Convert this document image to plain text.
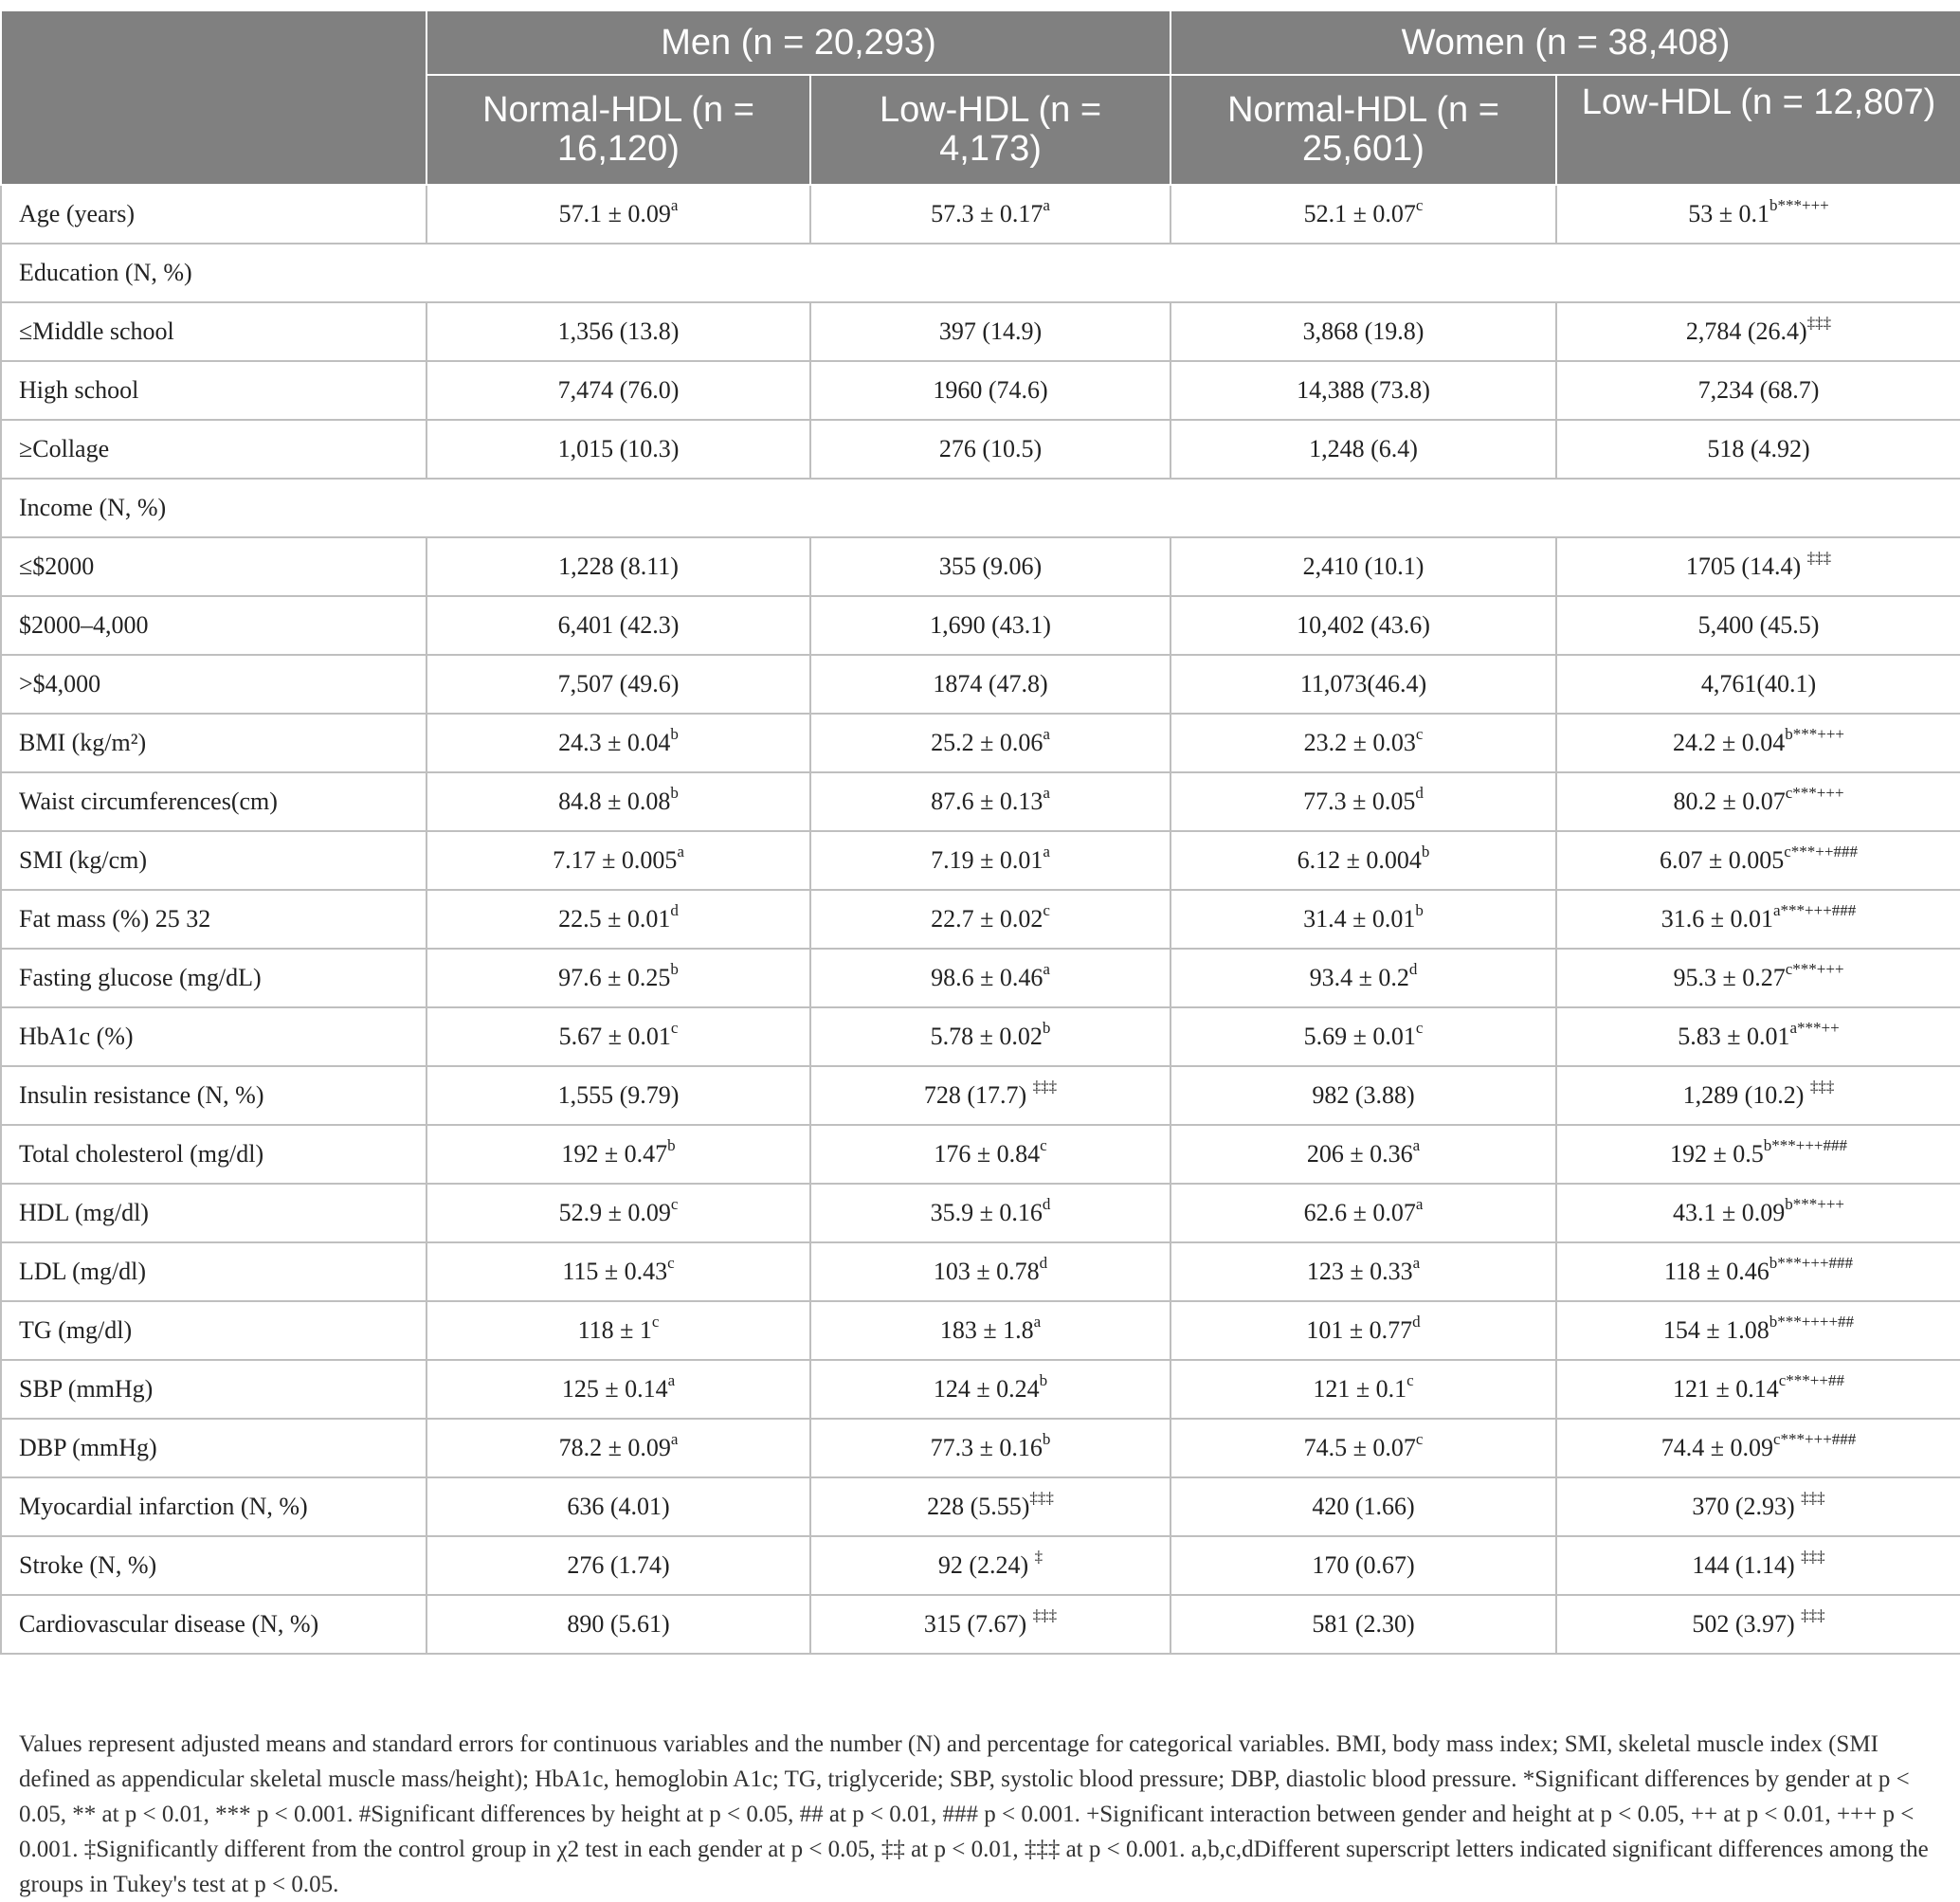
	Men (n = 20,293)		Women (n = 38,408)	
	Normal-HDL (n = 16,120)	Low-HDL (n = 4,173)	Normal-HDL (n = 25,601)	Low-HDL (n = 12,807)
Age (years)	57.1 ± 0.09$^a$	57.3 ± 0.17$^a$	52.1 ± 0.07$^c$	$53 \pm 0.1^{b***+++}$
Education (N, %)				
≤Middle school	1,356 (13.8)	397 (14.9)	3,868 (19.8)	2,784 (26.4)‡‡‡
High school	7,474 (76.0)	1960 (74.6)	14,388 (73.8)	7,234 (68.7)
≥Collage	1,015 (10.3)	276 (10.5)	1,248 (6.4)	518 (4.92)
Income (N, %)				
≤$2000	1,228 (8.11)	355 (9.06)	2,410 (10.1)	1705 (14.4) ‡‡‡
$2000–4,000	6,401 (42.3)	1,690 (43.1)	10,402 (43.6)	5,400 (45.5)
>$4,000	7,507 (49.6)	1874 (47.8)	11,073(46.4)	4,761(40.1)
BMI (kg/m²)	24.3 ± 0.04$^b$	25.2 ± 0.06$^a$	23.2 ± 0.03$^c$	$24.2 \pm 0.04^{b***+++}$
Waist circumferences(cm)	84.8 ± 0.08$^b$	87.6 ± 0.13$^a$	77.3 ± 0.05$^d$	$80.2 \pm 0.07^{c***+++}$
SMI (kg/cm)	7.17 ± 0.005$^a$	7.19 ± 0.01$^a$	6.12 ± 0.004$^b$	$6.07 \pm 0.005^{c***++\#\#\#}$
Fat mass (%) 25 32	22.5 ± 0.01$^d$	22.7 ± 0.02$^c$	31.4 ± 0.01$^b$	$31.6 \pm 0.01^{a***+++\#\#\#}$
Fasting glucose (mg/dL)	97.6 ± 0.25$^b$	98.6 ± 0.46$^a$	93.4 ± 0.2$^d$	$95.3 \pm 0.27^{c***+++}$
HbA1c (%)	5.67 ± 0.01$^c$	5.78 ± 0.02$^b$	5.69 ± 0.01$^c$	$5.83 \pm 0.01^{a***++}$
Insulin resistance (N, %)	1,555 (9.79)	728 (17.7) ‡‡‡	982 (3.88)	1,289 (10.2) ‡‡‡
Total cholesterol (mg/dl)	192 ± 0.47$^b$	176 ± 0.84$^c$	206 ± 0.36$^a$	$192 \pm 0.5^{b***+++\#\#\#}$
HDL (mg/dl)	52.9 ± 0.09$^c$	35.9 ± 0.16$^d$	62.6 ± 0.07$^a$	$43.1 \pm 0.09^{b***+++}$
LDL (mg/dl)	115 ± 0.43$^c$	103 ± 0.78$^d$	123 ± 0.33$^a$	$118 \pm 0.46^{b***+++\#\#\#}$
TG (mg/dl)	$118 \pm 1^c$	183 ± 1.8$^a$	101 ± 0.77$^d$	$154 \pm 1.08^{b***++++\#\#}$
SBP (mmHg)	125 ± 0.14$^a$	124 ± 0.24$^b$	121 ± 0.1$^c$	$121 \pm 0.14^{c***++\#\#}$
DBP (mmHg)	78.2 ± 0.09$^a$	77.3 ± 0.16$^b$	74.5 ± 0.07$^c$	$74.4 \pm 0.09^{c***+++\#\#\#}$
Myocardial infarction (N, %)	636 (4.01)	228 (5.55)‡‡‡	420 (1.66)	370 (2.93) ‡‡‡
Stroke (N, %)	276 (1.74)	92 (2.24) ‡	170 (0.67)	144 (1.14) ‡‡‡
Cardiovascular disease (N, %)	890 (5.61)	315 (7.67) ‡‡‡	581 (2.30)	502 (3.97) ‡‡‡
Values represent adjusted means and standard errors for continuous variables and the number (N) and percentage for categorical variables. BMI, body mass index; SMI, skeletal muscle index (SMI defined as appendicular skeletal muscle mass/height); HbA1c, hemoglobin A1c; TG, triglyceride; SBP, systolic blood pressure; DBP, diastolic blood pressure. *Significant differences by gender at p < 0.05, ** at p < 0.01, *** p < 0.001. #Significant differences by height at p < 0.05, ## at p < 0.01, ### p < 0.001. +Significant interaction between gender and height at p < 0.05, ++ at p < 0.01, +++ p < 0.001. ‡Significantly different from the control group in χ2 test in each gender at p < 0.05, ‡‡ at p < 0.01, ‡‡‡ at p < 0.001. a,b,c,dDifferent superscript letters indicated significant differences among the groups in Tukey's test at p < 0.05.
